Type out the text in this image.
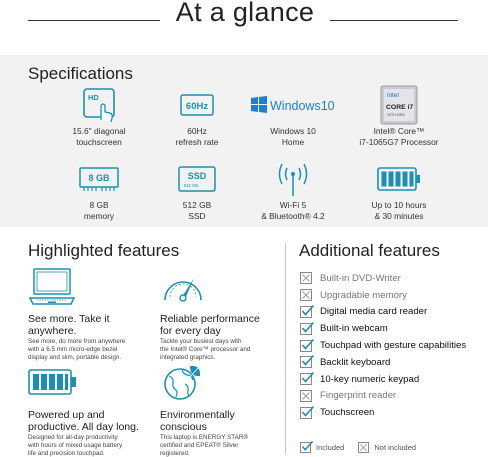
At a glance
Specifications
HD
15.6" diagonal
touchscreen
60Hz
60Hz
refresh rate
Windows10
Windows 10
Home
intel
CORE i7
10TH GEN
Intel® Core™
i7-1065G7 Processor
8 GB
8 GB
memory
SSD
512 GB
512 GB
SSD
Wi-Fi 5
& Bluetooth® 4.2
Up to 10 hours
& 30 minutes
Highlighted features
See more. Take it
anywhere.
See more, do more from anywhere
with a 6.5 mm micro-edge bezel
display and slim, portable design.
Reliable performance
for every day
Tackle your busiest days with
the Intel® Core™ processor and
integrated graphics.
Powered up and
productive. All day long.
Designed for all-day productivity
with hours of mixed usage battery
life and precision touchpad.
Environmentally
conscious
This laptop is ENERGY STAR®
certified and EPEAT® Silver
registered.
Additional features
Built-in DVD-Writer
Upgradable memory
Digital media card reader
Built-in webcam
Touchpad with gesture capabilities
Backlit keyboard
10-key numeric keypad
Fingerprint reader
Touchscreen
Included	Not included
